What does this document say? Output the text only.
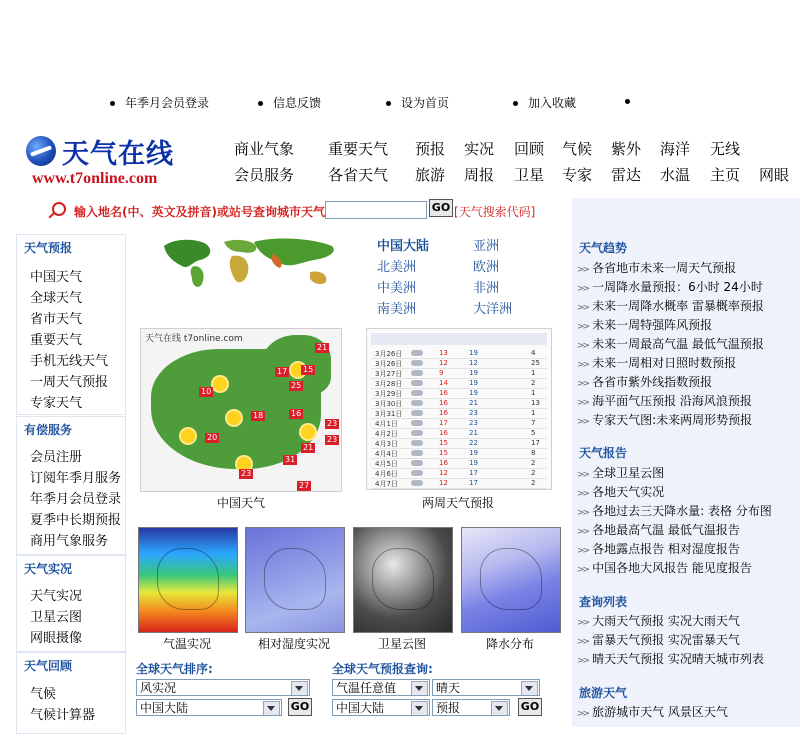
年季月会员登录	信息反馈	设为首页	加入收藏
天气在线
www.t7online.com
商业气象 重要天气 预报 实况 回顾 气候 紫外 海洋 无线
会员服务 各省天气 旅游 周报 卫星 专家 雷达 水温 主页 网眼
输入地名(中、英文及拼音)或站号查询城市天气	GO [天气搜索代码]
天气趋势
>> 各省地市未来一周天气预报
>> 一周降水量预报：6小时 24小时
>> 未来一周降水概率 雷暴概率预报
>> 未来一周特强阵风预报
>> 未来一周最高气温 最低气温预报
>> 未来一周相对日照时数预报
>> 各省市紫外线指数预报
>> 海平面气压预报 沿海风浪预报
>> 专家天气图:未来两周形势预报
天气报告
>> 全球卫星云图
>> 各地天气实况
>> 各地过去三天降水量: 表格 分布图
>> 各地最高气温 最低气温报告
>> 各地露点报告 相对湿度报告
>> 中国各地大风报告 能见度报告
查询列表
>> 大雨天气预报 实况大雨天气
>> 雷暴天气预报 实况雷暴天气
>> 晴天天气预报 实况晴天城市列表
旅游天气
>> 旅游城市天气 风景区天气
天气预报
中国天气
全球天气
省市天气
重要天气
手机无线天气
一周天气预报
专家天气
有偿服务
会员注册
订阅年季月服务
年季月会员登录
夏季中长期预报
商用气象服务
天气实况
天气实况
卫星云图
网眼摄像
天气回顾
气候
气候计算器
中国大陆	亚洲
北美洲	欧洲
中美洲	非洲
南美洲	大洋洲
天气在线 t7online.com
21
15
17
25
10
18	16
23
20	23
21
31
23
27
中国天气
3月26日	13	19	4
3月26日	12	12	25
3月27日	9	19	1
3月28日	14	19	2
3月29日	16	19	1
3月30日	16	21	13
3月31日	16	23	1
4月1日	17	23	7
4月2日	16	21	5
4月3日	15	22	17
4月4日	15	19	8
4月5日	16	19	2
4月6日	12	17	2
4月7日	12	17	2
两周天气预报
气温实况	相对湿度实况	卫星云图	降水分布
全球天气排序:
风实况
中国大陆	GO
全球天气预报查询:
气温任意值	晴天
中国大陆	预报	GO
